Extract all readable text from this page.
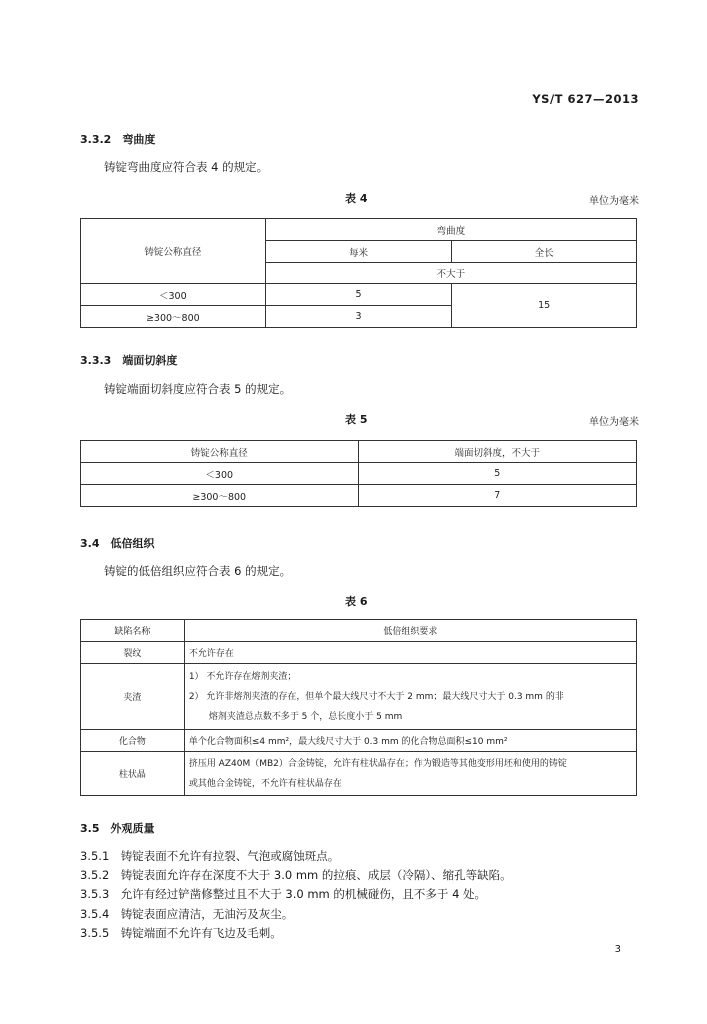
YS/T 627—2013
3.3.2　弯曲度
铸锭弯曲度应符合表 4 的规定。
表 4	单位为毫米
铸锭公称直径	弯曲度	
	每米	全长
	不大于	
＜300	5	15
≥300～800	3	
3.3.3　端面切斜度
铸锭端面切斜度应符合表 5 的规定。
表 5	单位为毫米
铸锭公称直径	端面切斜度，不大于
＜300	5
≥300～800	7
3.4　低倍组织
铸锭的低倍组织应符合表 6 的规定。
表 6
缺陷名称	低倍组织要求
裂纹	不允许存在
夹渣	1） 不允许存在熔剂夹渣；
2） 允许非熔剂夹渣的存在，但单个最大线尺寸不大于 2 mm；最大线尺寸大于 0.3 mm 的非
熔剂夹渣总点数不多于 5 个，总长度小于 5 mm

化合物	单个化合物面积≤4 mm²，最大线尺寸大于 0.3 mm 的化合物总面积≤10 mm²
柱状晶	挤压用 AZ40M（MB2）合金铸锭，允许有柱状晶存在；作为锻造等其他变形用坯和使用的铸锭
或其他合金铸锭，不允许有柱状晶存在
3.5　外观质量
3.5.1　铸锭表面不允许有拉裂、气泡或腐蚀斑点。
3.5.2　铸锭表面允许存在深度不大于 3.0 mm 的拉痕、成层（冷隔）、缩孔等缺陷。
3.5.3　允许有经过铲凿修整过且不大于 3.0 mm 的机械碰伤，且不多于 4 处。
3.5.4　铸锭表面应清洁，无油污及灰尘。
3.5.5　铸锭端面不允许有飞边及毛刺。
3
